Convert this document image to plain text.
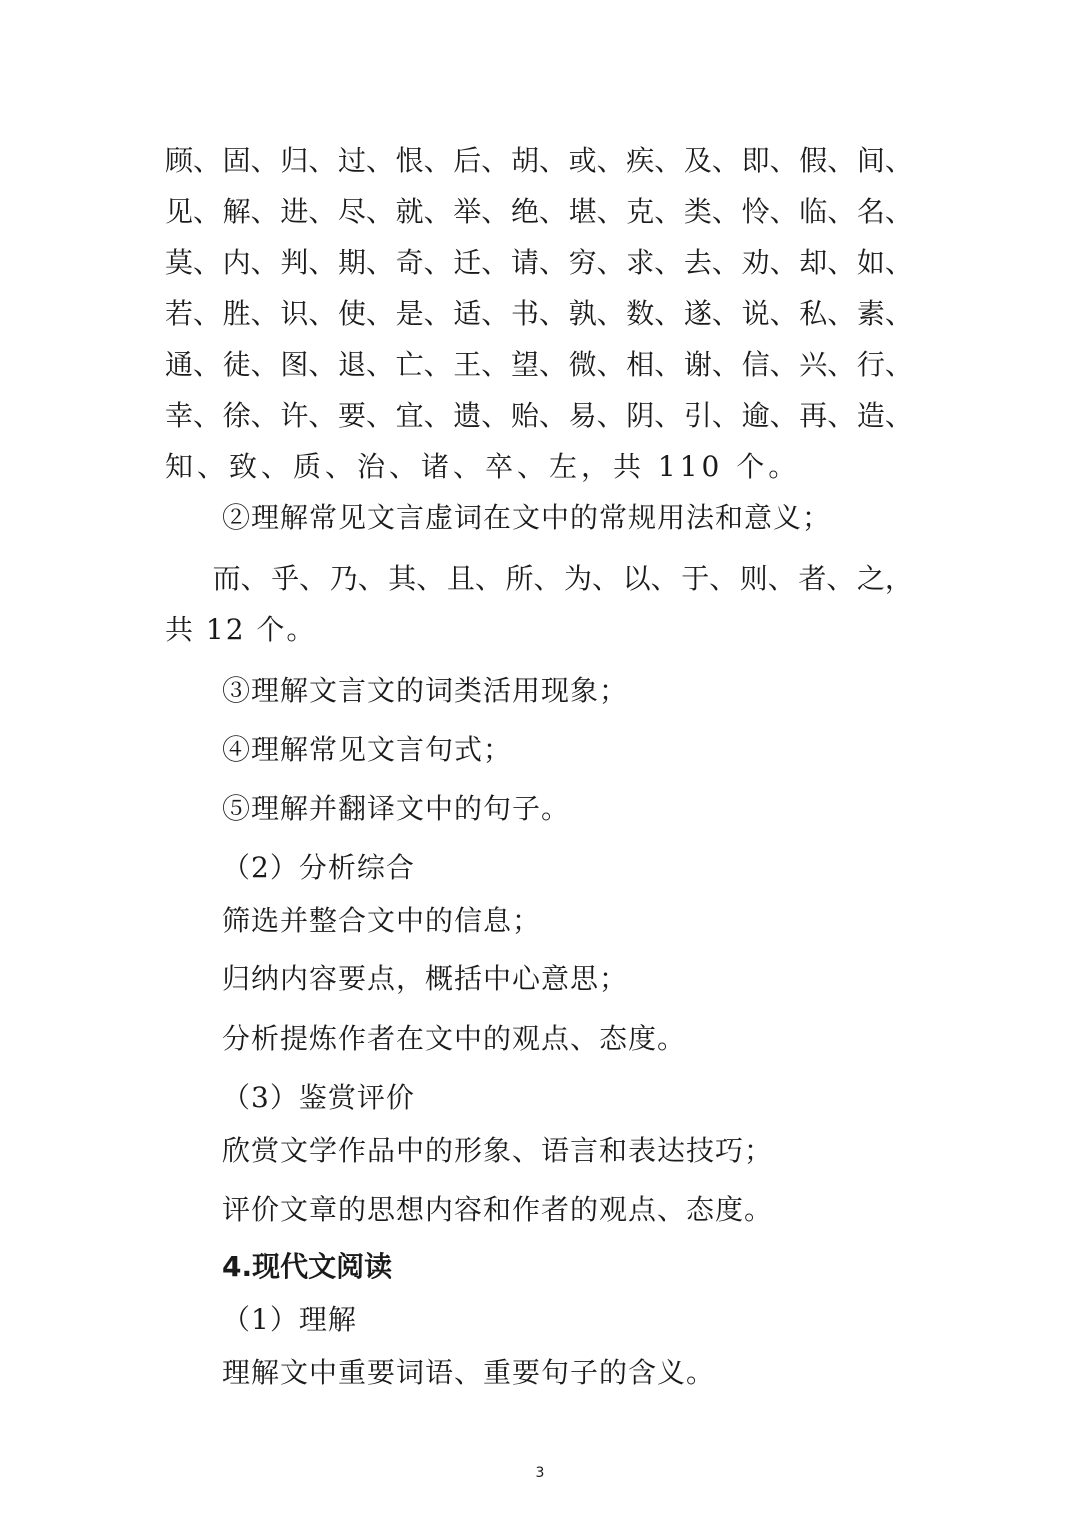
顾、 固、 归、 过、 恨、 后、 胡、 或、 疾、 及、 即、 假、 间、
见、 解、 进、 尽、 就、 举、 绝、 堪、 克、 类、 怜、 临、 名、
莫、 内、 判、 期、 奇、 迁、 请、 穷、 求、 去、 劝、 却、 如、
若、 胜、 识、 使、 是、 适、 书、 孰、 数、 遂、 说、 私、 素、
通、 徒、 图、 退、 亡、 王、 望、 微、 相、 谢、 信、 兴、 行、
幸、 徐、 许、 要、 宜、 遗、 贻、 易、 阴、 引、 逾、 再、 造、
知、致、质、治、诸、卒、左，共 110 个。
②理解常见文言虚词在文中的常规用法和意义；
而、 乎、 乃、 其、 且、 所、 为、 以、 于、 则、 者、 之，
共 12 个。
③理解文言文的词类活用现象；
④理解常见文言句式；
⑤理解并翻译文中的句子。
（2）分析综合
筛选并整合文中的信息；
归纳内容要点，概括中心意思；
分析提炼作者在文中的观点、态度。
（3）鉴赏评价
欣赏文学作品中的形象、语言和表达技巧；
评价文章的思想内容和作者的观点、态度。
4.现代文阅读
（1）理解
理解文中重要词语、重要句子的含义。
3
